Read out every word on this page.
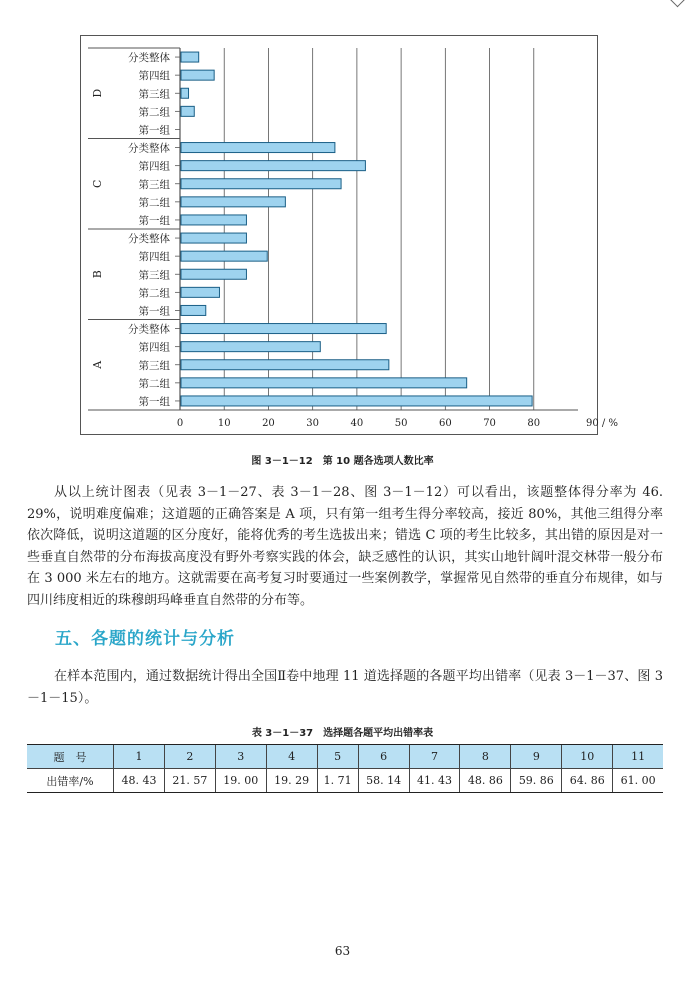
0	10	20	30	40	50	60	70	80	90 / %
D
分类整体
第四组
第三组
第二组
第一组
C
分类整体
第四组
第三组
第二组
第一组
B
分类整体
第四组
第三组
第二组
第一组
A
分类整体
第四组
第三组
第二组
第一组
图 3－1－12　第 10 题各选项人数比率
从以上统计图表（见表 3－1－27、表 3－1－28、图 3－1－12）可以看出，该题整体得分率为 46. 29%，说明难度偏难；这道题的正确答案是 A 项，只有第一组考生得分率较高，接近 80%，其他三组得分率依次降低，说明这道题的区分度好，能将优秀的考生选拔出来；错选 C 项的考生比较多，其出错的原因是对一些垂直自然带的分布海拔高度没有野外考察实践的体会，缺乏感性的认识，其实山地针阔叶混交林带一般分布在 3 000 米左右的地方。这就需要在高考复习时要通过一些案例教学，掌握常见自然带的垂直分布规律，如与四川纬度相近的珠穆朗玛峰垂直自然带的分布等。
五、各题的统计与分析
在样本范围内，通过数据统计得出全国Ⅱ卷中地理 11 道选择题的各题平均出错率（见表 3－1－37、图 3－1－15）。
表 3－1－37　选择题各题平均出错率表
题　号	1	2	3	4	5	6	7	8	9	10	11
出错率/%	48. 43	21. 57	19. 00	19. 29	1. 71	58. 14	41. 43	48. 86	59. 86	64. 86	61. 00
63
